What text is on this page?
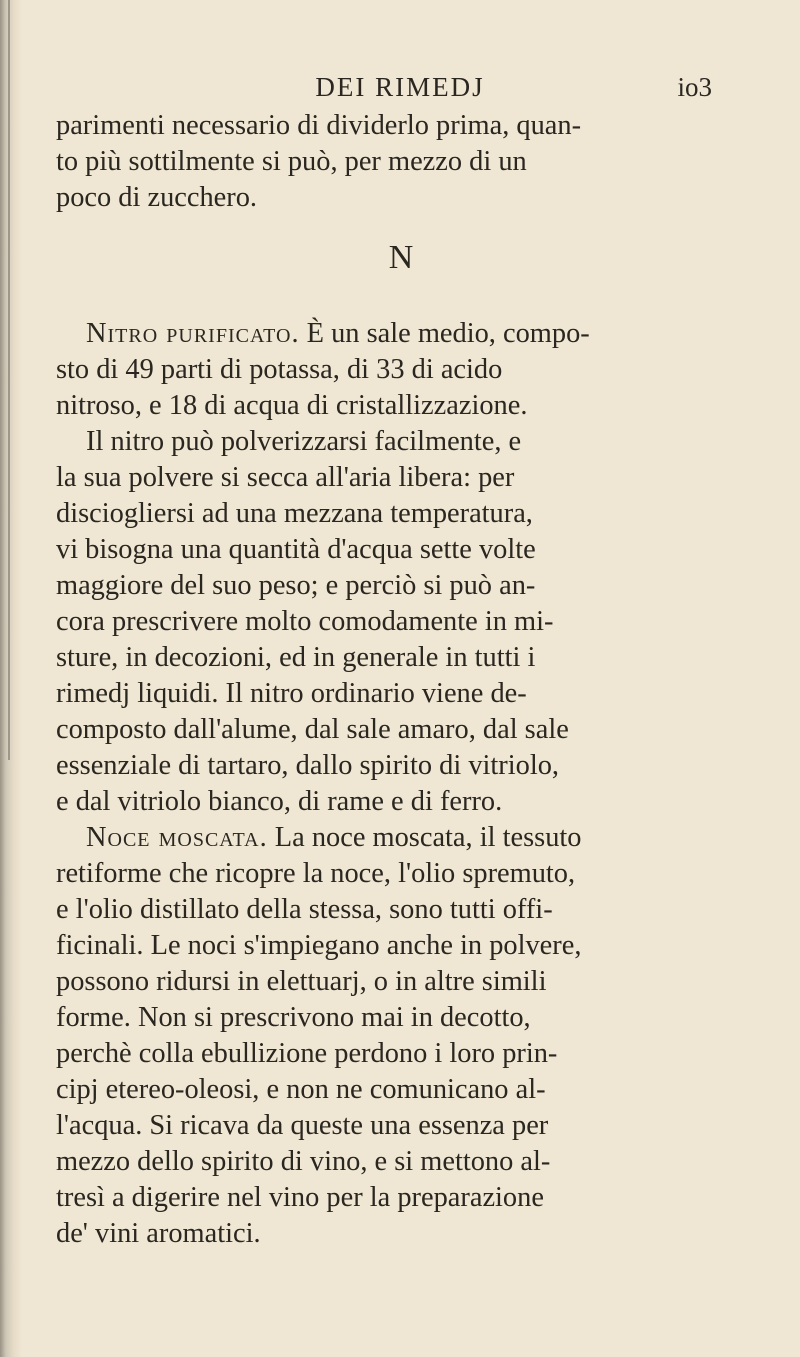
DEI RIMEDJ	io3

parimenti necessario di dividerlo prima, quan-
to più sottilmente si può, per mezzo di un
poco di zucchero.

N

Nitro purificato. È un sale medio, compo-
sto di 49 parti di potassa, di 33 di acido
nitroso, e 18 di acqua di cristallizzazione.
Il nitro può polverizzarsi facilmente, e
la sua polvere si secca all'aria libera: per
disciogliersi ad una mezzana temperatura,
vi bisogna una quantità d'acqua sette volte
maggiore del suo peso; e perciò si può an-
cora prescrivere molto comodamente in mi-
sture, in decozioni, ed in generale in tutti i
rimedj liquidi. Il nitro ordinario viene de-
composto dall'alume, dal sale amaro, dal sale
essenziale di tartaro, dallo spirito di vitriolo,
e dal vitriolo bianco, di rame e di ferro.

Noce moscata. La noce moscata, il tessuto
retiforme che ricopre la noce, l'olio spremuto,
e l'olio distillato della stessa, sono tutti offi-
ficinali. Le noci s'impiegano anche in polvere,
possono ridursi in elettuarj, o in altre simili
forme. Non si prescrivono mai in decotto,
perchè colla ebullizione perdono i loro prin-
cipj etereo-oleosi, e non ne comunicano al-
l'acqua. Si ricava da queste una essenza per
mezzo dello spirito di vino, e si mettono al-
tresì a digerire nel vino per la preparazione
de' vini aromatici.
